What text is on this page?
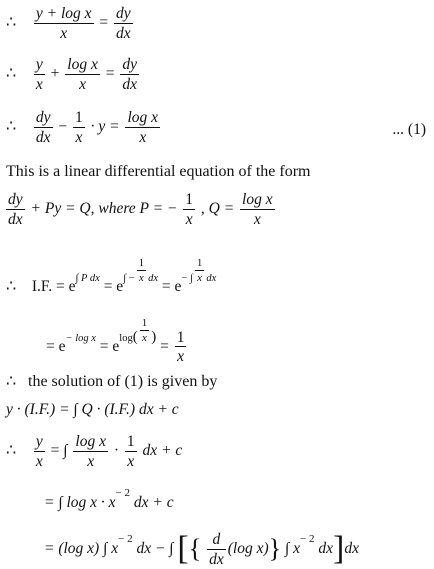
∴ $\frac{\text{y + log x}}{x} = \frac{dy}{dx}$
∴ $\frac{y}{x} + \frac{\text{log x}}{x} = \frac{dy}{dx}$
∴ $\frac{dy}{dx} - \frac{1}{x} \cdot y = \frac{\text{log x}}{x}$	... (1)
This is a linear differential equation of the form
$\frac{dy}{dx} + Py = Q$, where P = − $\frac{1}{x}$ , $Q = \frac{\text{log x}}{x}$
∴ I.F. = $e^{\int P dx} = e^{\int - \frac{1}{x} dx} = e^{- \int \frac{1}{x} dx}$
= $e^{- log x} = e^{log( \frac{1}{x} )} = \frac{1}{x}$
∴ the solution of (1) is given by
y · (I.F.) = ∫ Q · (I.F.) dx + c
∴ $\frac{y}{x}$ = ∫ $\frac{\text{log x}}{x} \cdot \frac{1}{x}$ dx + c
= ∫ $\log x \cdot x^{- 2}$ dx + c
= (log x) ∫ $x^{- 2}$ dx − ∫ [{ $\frac{d}{dx} (\log$ x)} ∫ $x^{- 2}$ dx]dx
